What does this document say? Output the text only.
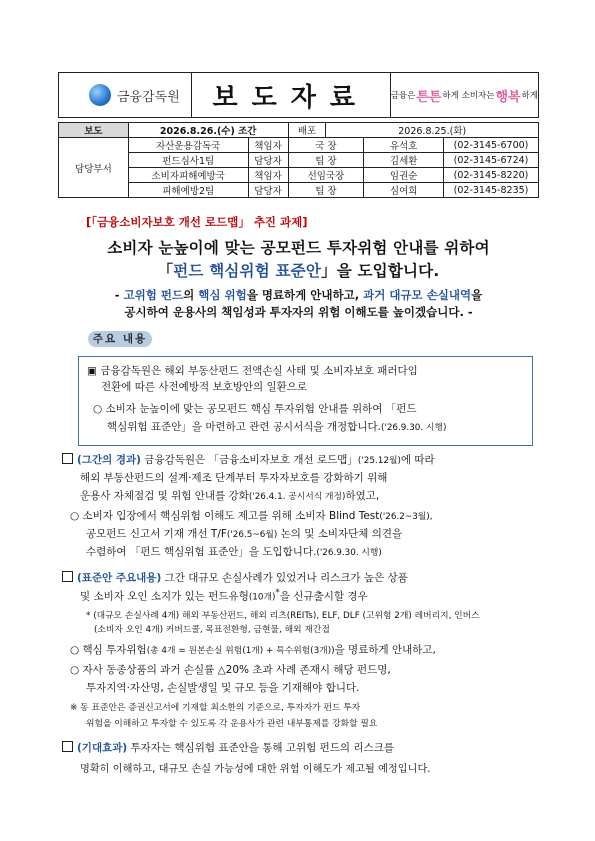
금융감독원	보도자료	금융은 튼튼 하게 소비자는 행복 하게
보도	2026.8.26.(수) 조간		배포	2026.8.25.(화)		
담당부서	자산운용감독국	책임자	국 장		유석호	(02-3145-6700)
	펀드심사1팀	담당자	팀 장		김세환	(02-3145-6724)
	소비자피해예방국	책임자	선임국장		임권순	(02-3145-8220)
	피해예방2팀	담당자	팀 장		심여희	(02-3145-8235)
[「금융소비자보호 개선 로드맵」 추진 과제]
소비자 눈높이에 맞는 공모펀드 투자위험 안내를 위하여
「펀드 핵심위험 표준안」을 도입합니다.
- 고위험 펀드의 핵심 위험을 명료하게 안내하고, 과거 대규모 손실내역을
공시하여 운용사의 책임성과 투자자의 위험 이해도를 높이겠습니다. -
주요 내용
▣ 금융감독원은 해외 부동산펀드 전액손실 사태 및 소비자보호 패러다임
전환에 따른 사전예방적 보호방안의 일환으로
○ 소비자 눈높이에 맞는 공모펀드 핵심 투자위험 안내를 위하여 「펀드
핵심위험 표준안」을 마련하고 관련 공시서식을 개정합니다.('26.9.30. 시행)
(그간의 경과) 금융감독원은 「금융소비자보호 개선 로드맵」('25.12월)에 따라
해외 부동산펀드의 설계·제조 단계부터 투자자보호를 강화하기 위해
운용사 자체점검 및 위험 안내를 강화('26.4.1. 공시서식 개정)하였고,
○ 소비자 입장에서 핵심위험 이해도 제고를 위해 소비자 Blind Test('26.2~3월),
공모펀드 신고서 기재 개선 T/F('26.5~6월) 논의 및 소비자단체 의견을
수렴하여 「펀드 핵심위험 표준안」을 도입합니다.('26.9.30. 시행)
(표준안 주요내용) 그간 대규모 손실사례가 있었거나 리스크가 높은 상품
및 소비자 오인 소지가 있는 펀드유형(10개)*을 신규출시할 경우
* (대규모 손실사례 4개) 해외 부동산펀드, 해외 리츠(REITs), ELF, DLF (고위험 2개) 레버리지, 인버스
(소비자 오인 4개) 커버드콜, 목표전환형, 금현물, 해외 재간접
○ 핵심 투자위험(총 4개 = 원본손실 위험(1개) + 특수위험(3개))을 명료하게 안내하고,
○ 자사 동종상품의 과거 손실률 △20% 초과 사례 존재시 해당 펀드명,
투자지역·자산명, 손실발생일 및 규모 등을 기재해야 합니다.
※ 동 표준안은 증권신고서에 기재할 최소한의 기준으로, 투자자가 펀드 투자
위험을 이해하고 투자할 수 있도록 각 운용사가 관련 내부통제를 강화할 필요
(기대효과) 투자자는 핵심위험 표준안을 통해 고위험 펀드의 리스크를
명확히 이해하고, 대규모 손실 가능성에 대한 위험 이해도가 제고될 예정입니다.
